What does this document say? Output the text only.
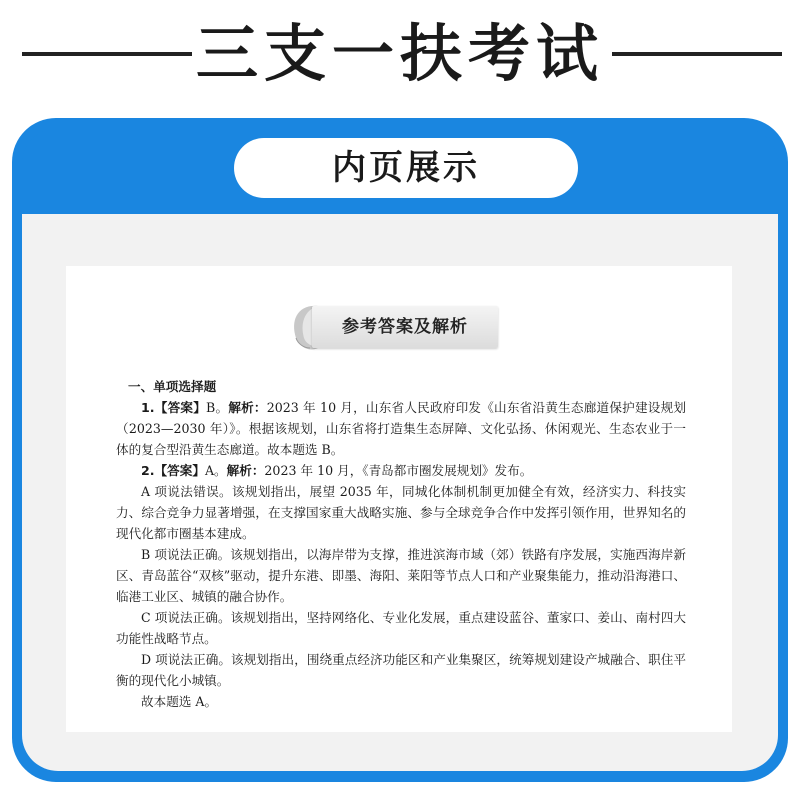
三支一扶考试
内页展示
参考答案及解析

一、单项选择题

1.【答案】B。解析：2023 年 10 月，山东省人民政府印发《山东省沿黄生态廊道保护建设规划（2023—2030 年）》。根据该规划，山东省将打造集生态屏障、文化弘扬、休闲观光、生态农业于一体的复合型沿黄生态廊道。故本题选 B。

2.【答案】A。解析：2023 年 10 月，《青岛都市圈发展规划》发布。

A 项说法错误。该规划指出，展望 2035 年，同城化体制机制更加健全有效，经济实力、科技实力、综合竞争力显著增强，在支撑国家重大战略实施、参与全球竞争合作中发挥引领作用，世界知名的现代化都市圈基本建成。

B 项说法正确。该规划指出，以海岸带为支撑，推进滨海市域（郊）铁路有序发展，实施西海岸新区、青岛蓝谷“双核”驱动，提升东港、即墨、海阳、莱阳等节点人口和产业聚集能力，推动沿海港口、临港工业区、城镇的融合协作。

C 项说法正确。该规划指出，坚持网络化、专业化发展，重点建设蓝谷、董家口、姜山、南村四大功能性战略节点。

D 项说法正确。该规划指出，围绕重点经济功能区和产业集聚区，统筹规划建设产城融合、职住平衡的现代化小城镇。

故本题选 A。
